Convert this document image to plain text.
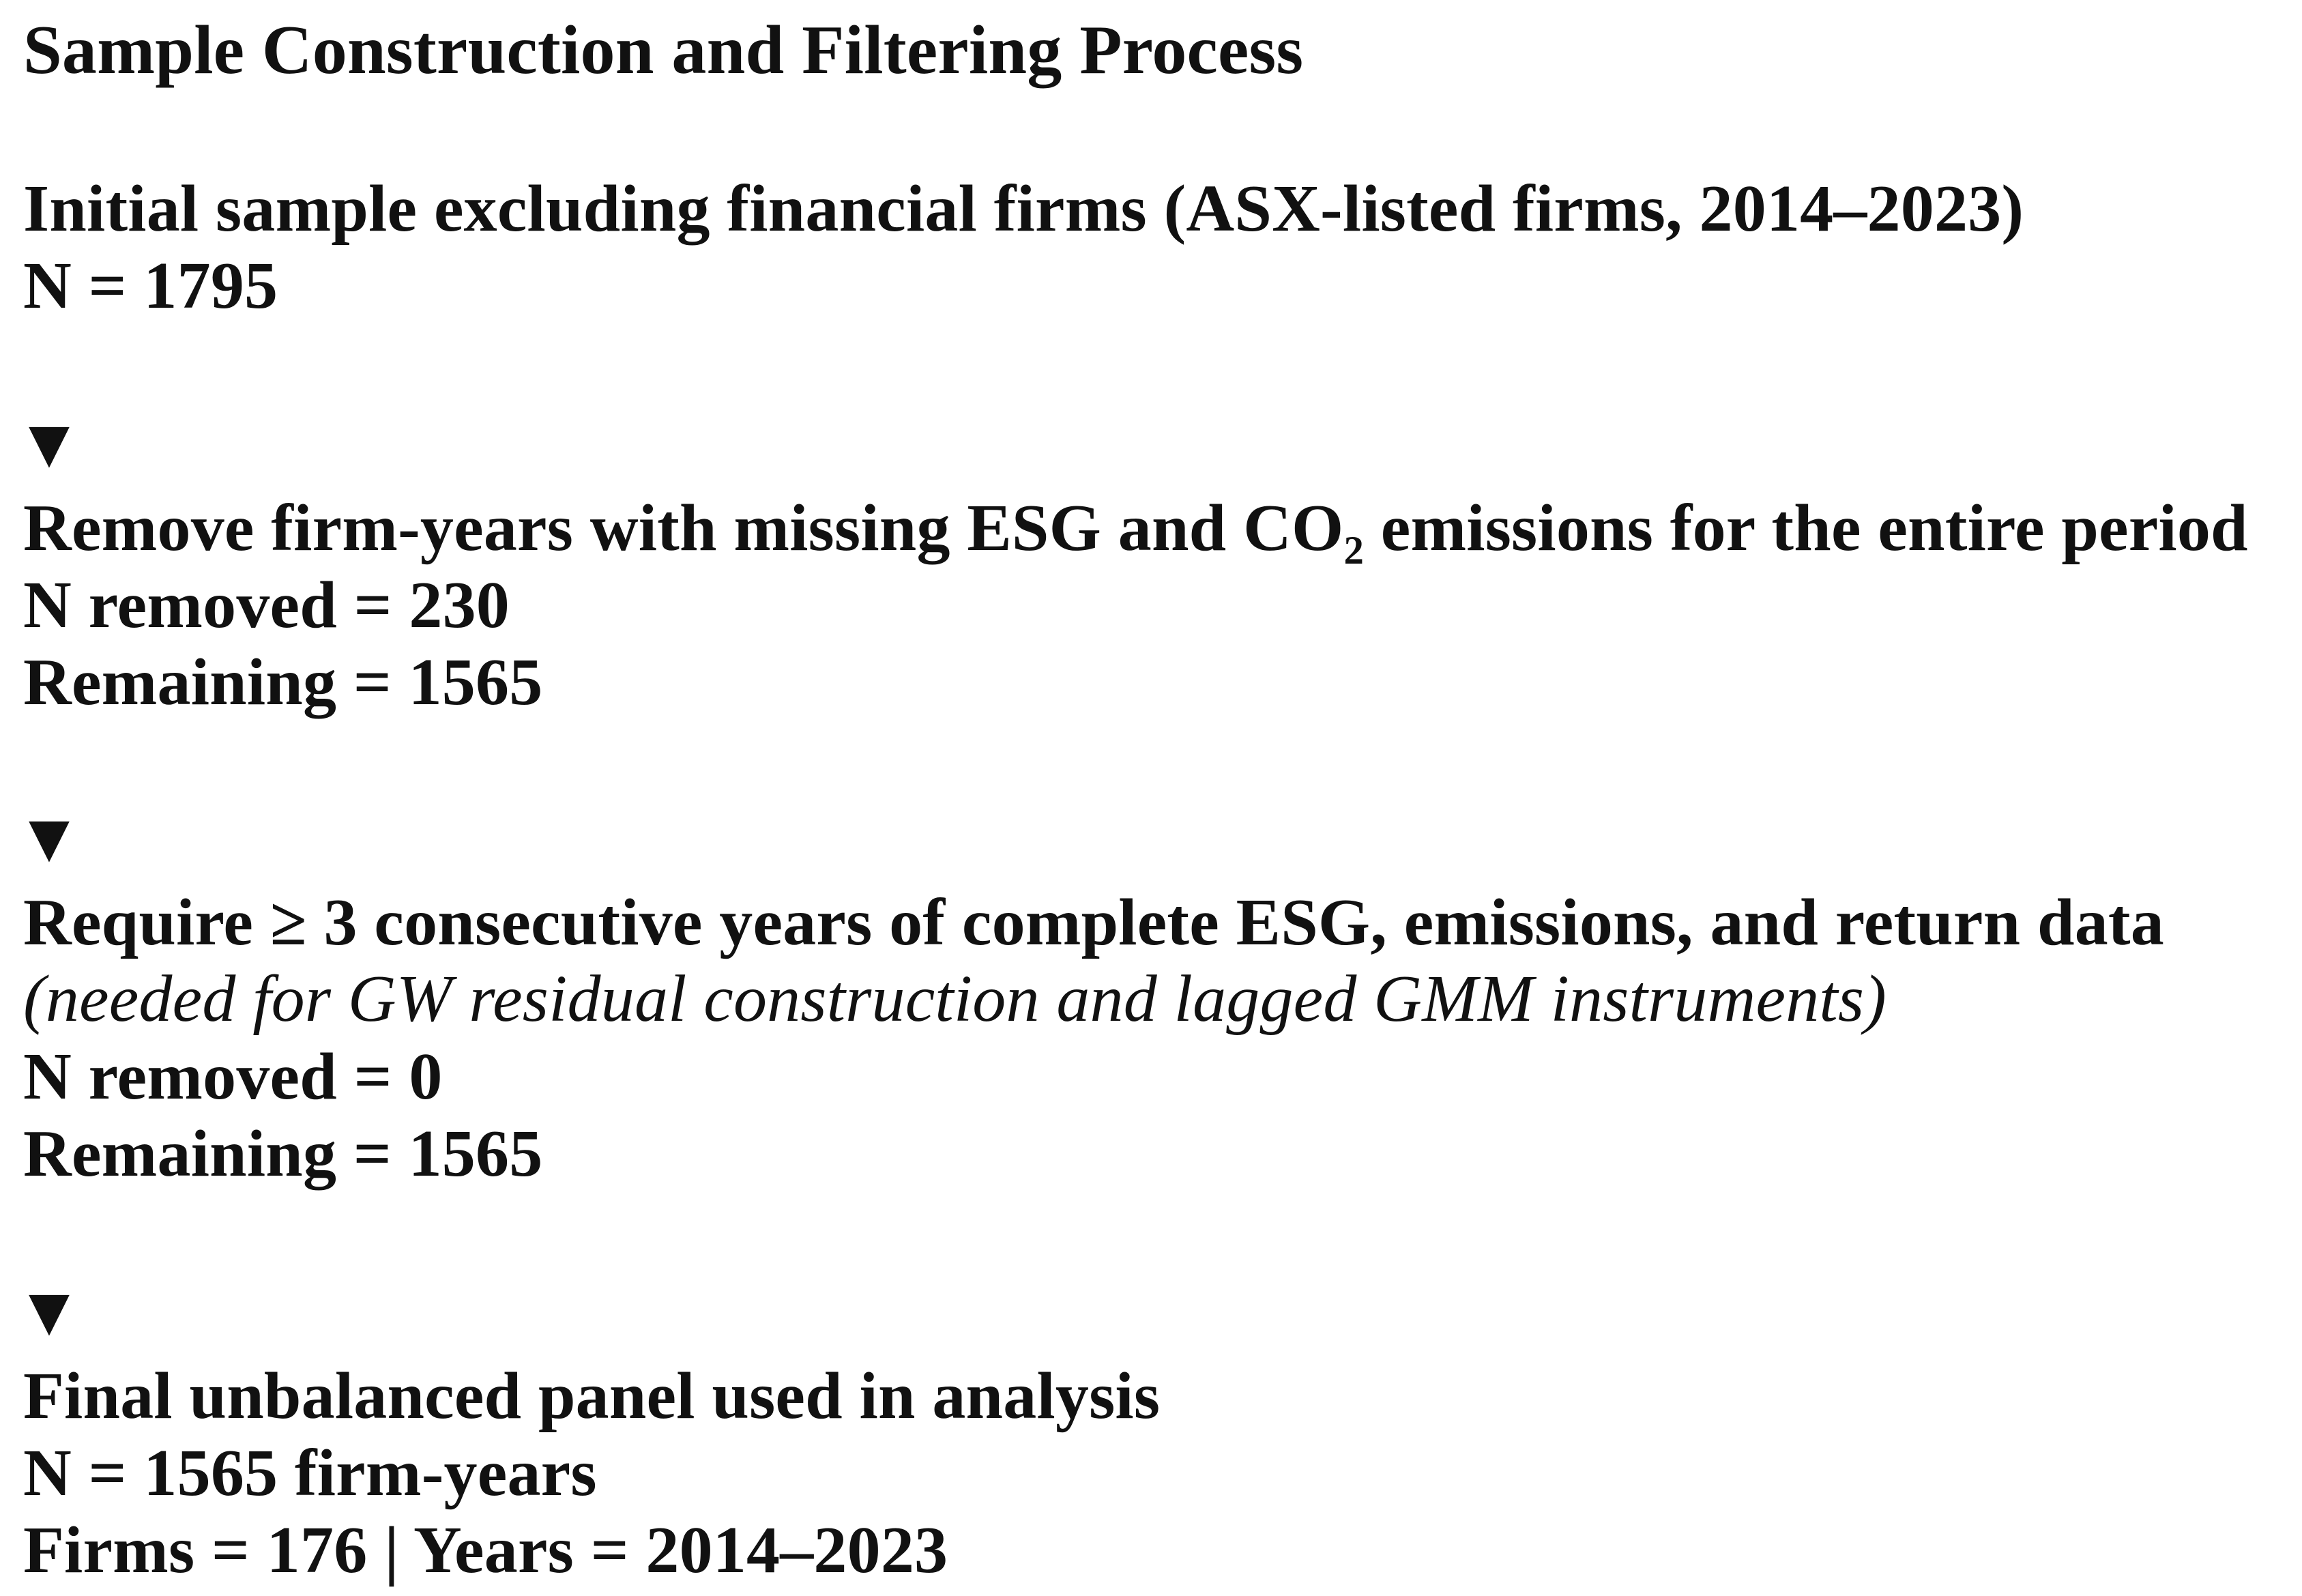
Sample Construction and Filtering Process
Initial sample excluding financial firms (ASX-listed firms, 2014–2023)
N = 1795
▼
Remove firm-years with missing ESG and CO₂ emissions for the entire period
N removed = 230
Remaining = 1565
▼
Require ≥ 3 consecutive years of complete ESG, emissions, and return data
(needed for GW residual construction and lagged GMM instruments)
N removed = 0
Remaining = 1565
▼
Final unbalanced panel used in analysis
N = 1565 firm-years
Firms = 176 | Years = 2014–2023
